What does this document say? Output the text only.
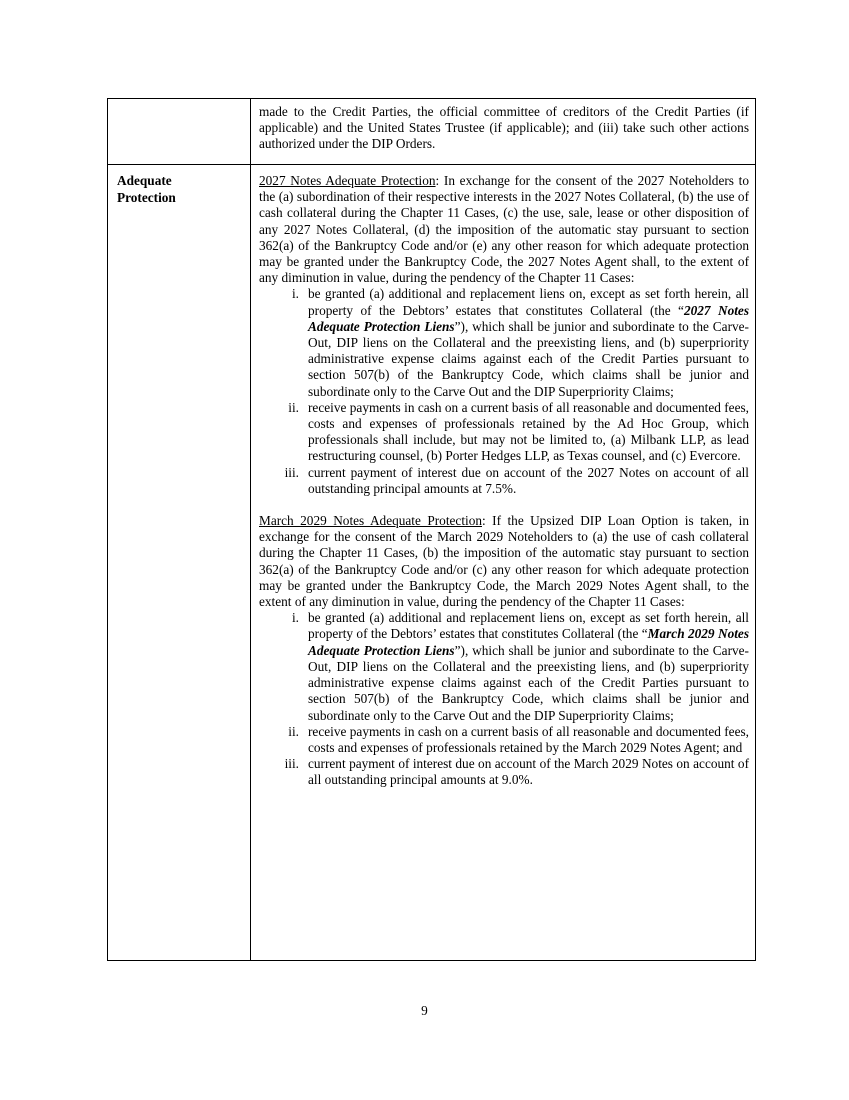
made to the Credit Parties, the official committee of creditors of the Credit Parties (if applicable) and the United States Trustee (if applicable); and (iii) take such other actions authorized under the DIP Orders.

Adequate
Protection

2027 Notes Adequate Protection: In exchange for the consent of the 2027 Noteholders to the (a) subordination of their respective interests in the 2027 Notes Collateral, (b) the use of cash collateral during the Chapter 11 Cases, (c) the use, sale, lease or other disposition of any 2027 Notes Collateral, (d) the imposition of the automatic stay pursuant to section 362(a) of the Bankruptcy Code and/or (e) any other reason for which adequate protection may be granted under the Bankruptcy Code, the 2027 Notes Agent shall, to the extent of any diminution in value, during the pendency of the Chapter 11 Cases:

i. be granted (a) additional and replacement liens on, except as set forth herein, all property of the Debtors’ estates that constitutes Collateral (the “2027 Notes Adequate Protection Liens”), which shall be junior and subordinate to the Carve-Out, DIP liens on the Collateral and the preexisting liens, and (b) superpriority administrative expense claims against each of the Credit Parties pursuant to section 507(b) of the Bankruptcy Code, which claims shall be junior and subordinate only to the Carve Out and the DIP Superpriority Claims;
ii. receive payments in cash on a current basis of all reasonable and documented fees, costs and expenses of professionals retained by the Ad Hoc Group, which professionals shall include, but may not be limited to, (a) Milbank LLP, as lead restructuring counsel, (b) Porter Hedges LLP, as Texas counsel, and (c) Evercore.
iii. current payment of interest due on account of the 2027 Notes on account of all outstanding principal amounts at 7.5%.

March 2029 Notes Adequate Protection: If the Upsized DIP Loan Option is taken, in exchange for the consent of the March 2029 Noteholders to (a) the use of cash collateral during the Chapter 11 Cases, (b) the imposition of the automatic stay pursuant to section 362(a) of the Bankruptcy Code and/or (c) any other reason for which adequate protection may be granted under the Bankruptcy Code, the March 2029 Notes Agent shall, to the extent of any diminution in value, during the pendency of the Chapter 11 Cases:

i. be granted (a) additional and replacement liens on, except as set forth herein, all property of the Debtors’ estates that constitutes Collateral (the “March 2029 Notes Adequate Protection Liens”), which shall be junior and subordinate to the Carve-Out, DIP liens on the Collateral and the preexisting liens, and (b) superpriority administrative expense claims against each of the Credit Parties pursuant to section 507(b) of the Bankruptcy Code, which claims shall be junior and subordinate only to the Carve Out and the DIP Superpriority Claims;
ii. receive payments in cash on a current basis of all reasonable and documented fees, costs and expenses of professionals retained by the March 2029 Notes Agent; and
iii. current payment of interest due on account of the March 2029 Notes on account of all outstanding principal amounts at 9.0%.
9
